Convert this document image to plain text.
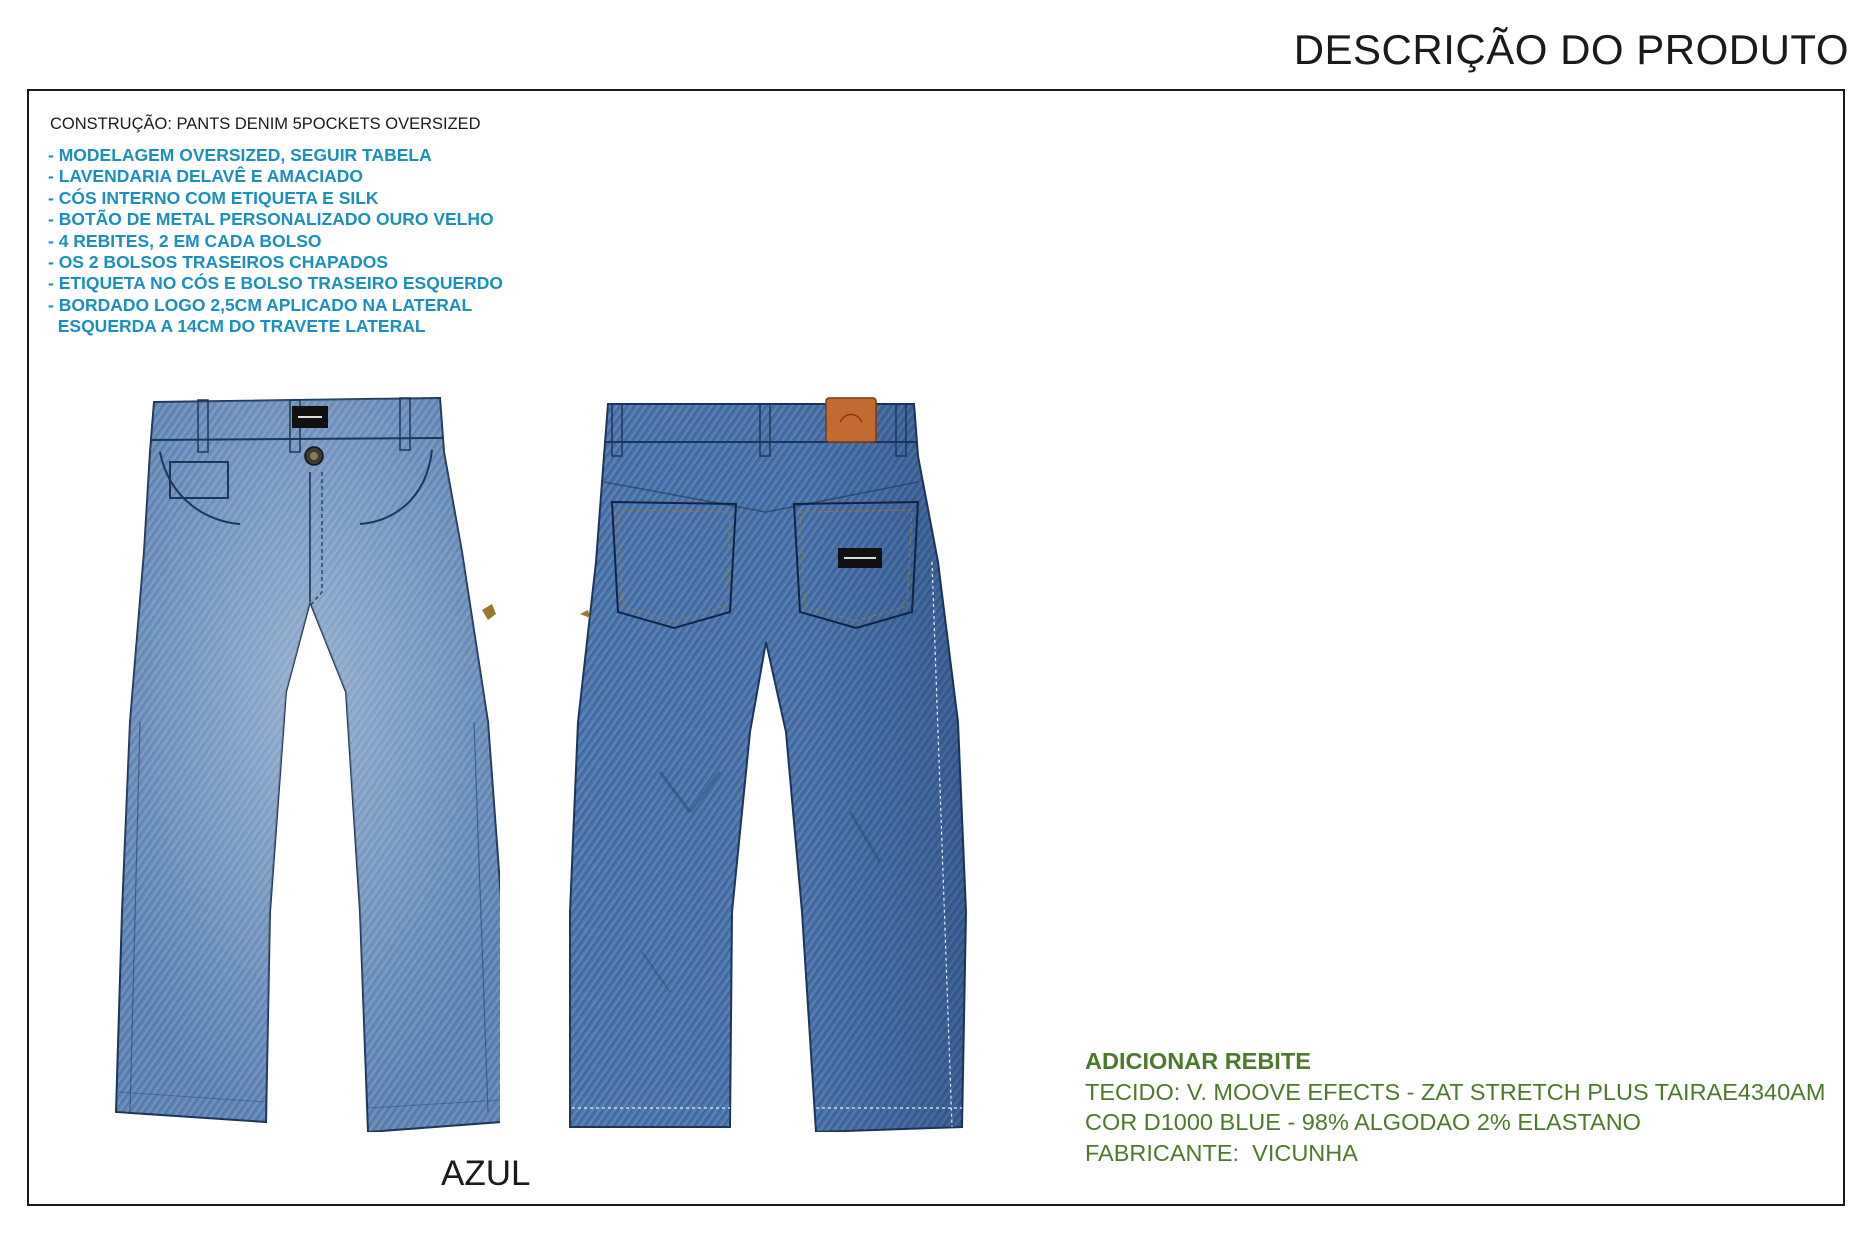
DESCRIÇÃO DO PRODUTO
CONSTRUÇÃO: PANTS DENIM 5POCKETS OVERSIZED
- MODELAGEM OVERSIZED, SEGUIR TABELA
- LAVENDARIA DELAVÊ E AMACIADO
- CÓS INTERNO COM ETIQUETA E SILK
- BOTÃO DE METAL PERSONALIZADO OURO VELHO
- 4 REBITES, 2 EM CADA BOLSO
- OS 2 BOLSOS TRASEIROS CHAPADOS
- ETIQUETA NO CÓS E BOLSO TRASEIRO ESQUERDO
- BORDADO LOGO 2,5CM APLICADO NA LATERAL
ESQUERDA A 14CM DO TRAVETE LATERAL
AZUL
ADICIONAR REBITE
TECIDO: V. MOOVE EFECTS - ZAT STRETCH PLUS TAIRAE4340AM
COR D1000 BLUE - 98% ALGODAO 2% ELASTANO
FABRICANTE:  VICUNHA
